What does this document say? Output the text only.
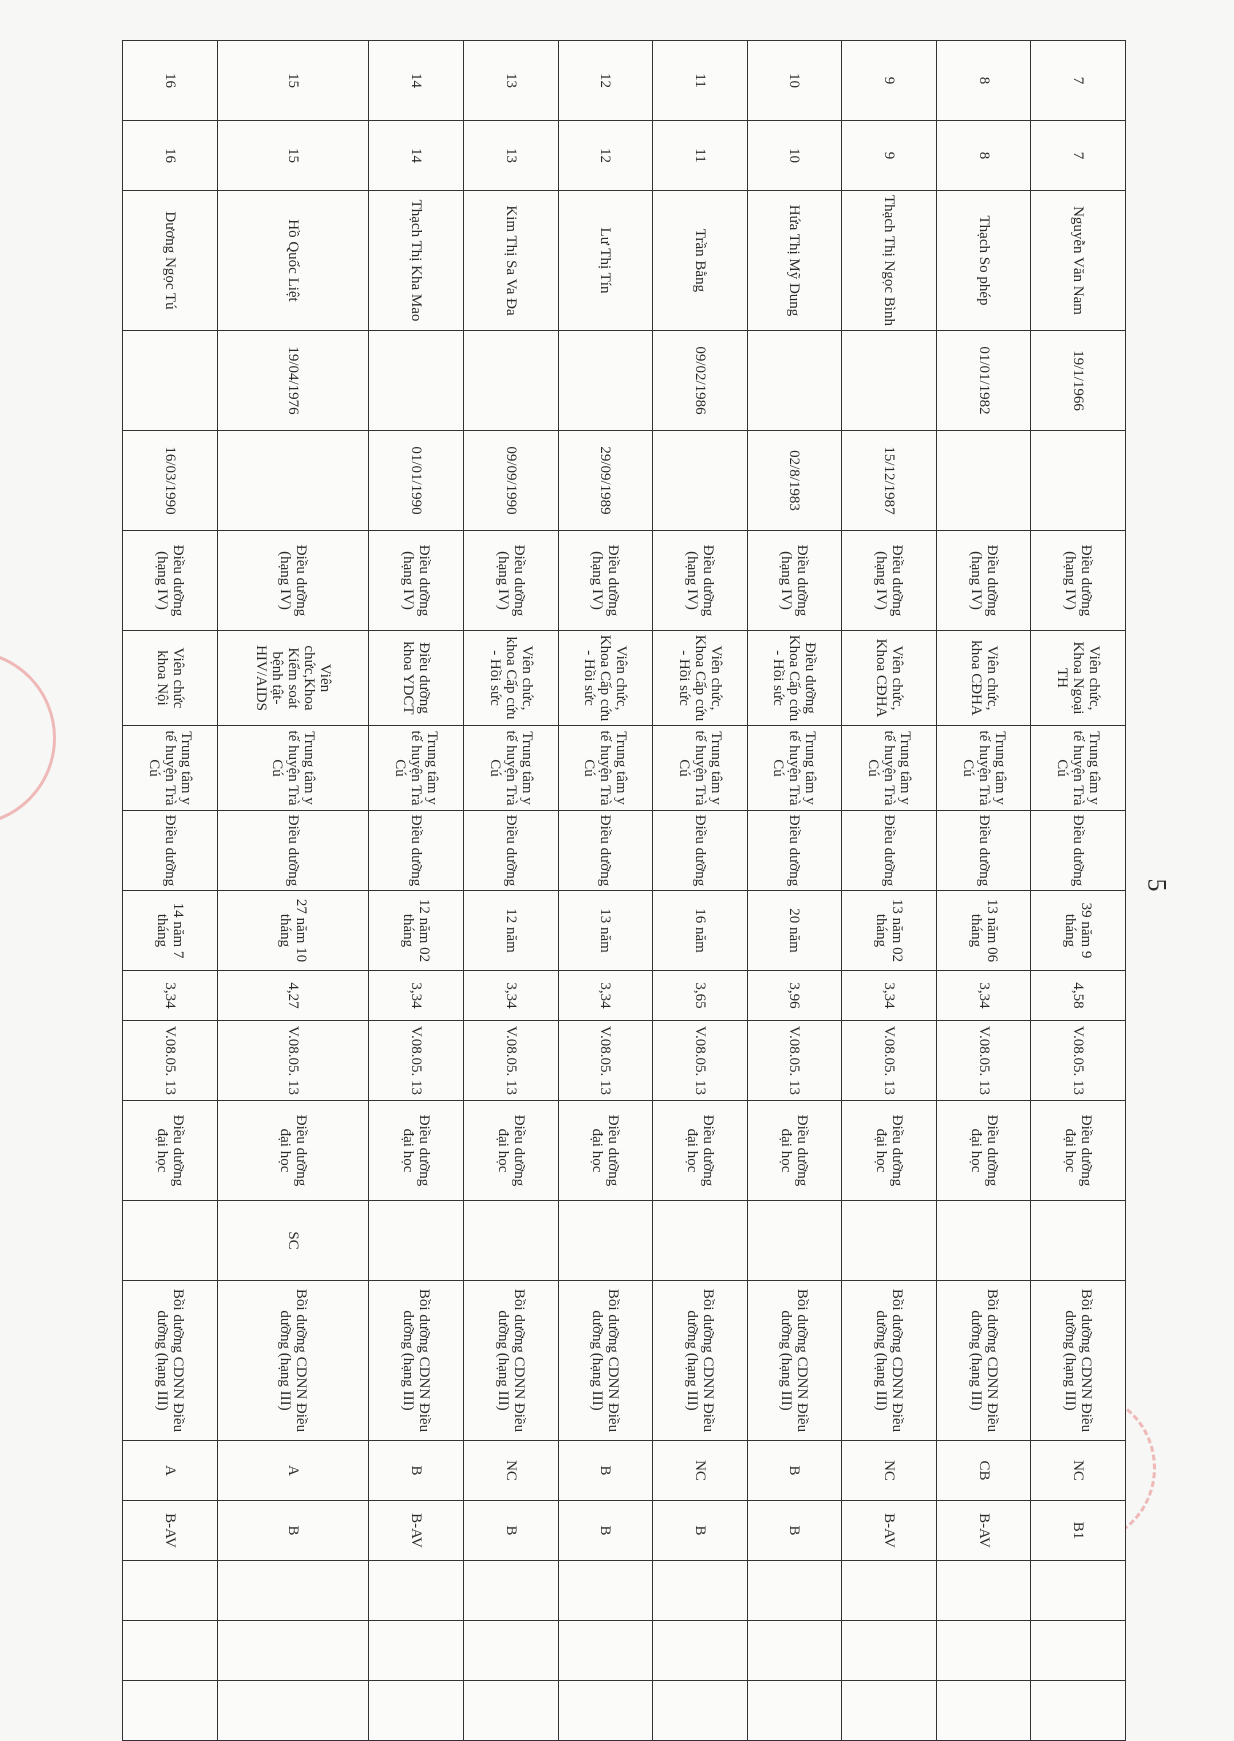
5
7	7	Nguyễn Văn Nam	19/1/1966		Điều dưỡng (hạng IV)	Viên chức, Khoa Ngoại TH	Trung tâm y tế huyện Trà Cú	Điều dưỡng	39 năm 9 tháng	4,58	V.08.05. 13	Điều dưỡng đại học		Bồi dưỡng CDNN Điều dưỡng (hạng III)	NC	B1			
8	8	Thạch So phép	01/01/1982		Điều dưỡng (hạng IV)	Viên chức, khoa CĐHA	Trung tâm y tế huyện Trà Cú	Điều dưỡng	13 năm 06 tháng	3,34	V.08.05. 13	Điều dưỡng đại học		Bồi dưỡng CDNN Điều dưỡng (hạng III)	CB	B-AV			
9	9	Thạch Thị Ngọc Bình		15/12/1987	Điều dưỡng (hạng IV)	Viên chức, Khoa CĐHA	Trung tâm y tế huyện Trà Cú	Điều dưỡng	13 năm 02 tháng	3,34	V.08.05. 13	Điều dưỡng đại học		Bồi dưỡng CDNN Điều dưỡng (hạng III)	NC	B-AV			
10	10	Hứa Thị Mỹ Dung		02/8/1983	Điều dưỡng (hạng IV)	Điều dưỡng Khoa Cấp cứu - Hồi sức	Trung tâm y tế huyện Trà Cú	Điều dưỡng	20 năm	3,96	V.08.05. 13	Điều dưỡng đại học		Bồi dưỡng CDNN Điều dưỡng (hạng III)	B	B			
11	11	Trần Bằng	09/02/1986		Điều dưỡng (hạng IV)	Viên chức, Khoa Cấp cứu - Hồi sức	Trung tâm y tế huyện Trà Cú	Điều dưỡng	16 năm	3,65	V.08.05. 13	Điều dưỡng đại học		Bồi dưỡng CDNN Điều dưỡng (hạng III)	NC	B			
12	12	Lư Thị Tín		29/09/1989	Điều dưỡng (hạng IV)	Viên chức, Khoa Cấp cứu - Hồi sức	Trung tâm y tế huyện Trà Cú	Điều dưỡng	13 năm	3,34	V.08.05. 13	Điều dưỡng đại học		Bồi dưỡng CDNN Điều dưỡng (hạng III)	B	B			
13	13	Kim Thị Sa Va Đa		09/09/1990	Điều dưỡng (hạng IV)	Viên chức, khoa Cấp cứu - Hồi sức	Trung tâm y tế huyện Trà Cú	Điều dưỡng	12 năm	3,34	V.08.05. 13	Điều dưỡng đại học		Bồi dưỡng CDNN Điều dưỡng (hạng III)	NC	B			
14	14	Thạch Thị Kha Mao		01/01/1990	Điều dưỡng (hạng IV)	Điều dưỡng khoa YDCT	Trung tâm y tế huyện Trà Cú	Điều dưỡng	12 năm 02 tháng	3,34	V.08.05. 13	Điều dưỡng đại học		Bồi dưỡng CDNN Điều dưỡng (hạng III)	B	B-AV			
15	15	Hồ Quốc Liệt	19/04/1976		Điều dưỡng (hạng IV)	Viên chức,Khoa Kiểm soát bệnh tật-HIV/AIDS	Trung tâm y tế huyện Trà Cú	Điều dưỡng	27 năm 10 tháng	4,27	V.08.05. 13	Điều dưỡng đại học	SC	Bồi dưỡng CDNN Điều dưỡng (hạng III)	A	B			
16	16	Dương Ngọc Tú		16/03/1990	Điều dưỡng (hạng IV)	Viên chức khoa Nội	Trung tâm y tế huyện Trà Cú	Điều dưỡng	14 năm 7 tháng	3,34	V.08.05. 13	Điều dưỡng đại học		Bồi dưỡng CDNN Điều dưỡng (hạng III)	A	B-AV			
